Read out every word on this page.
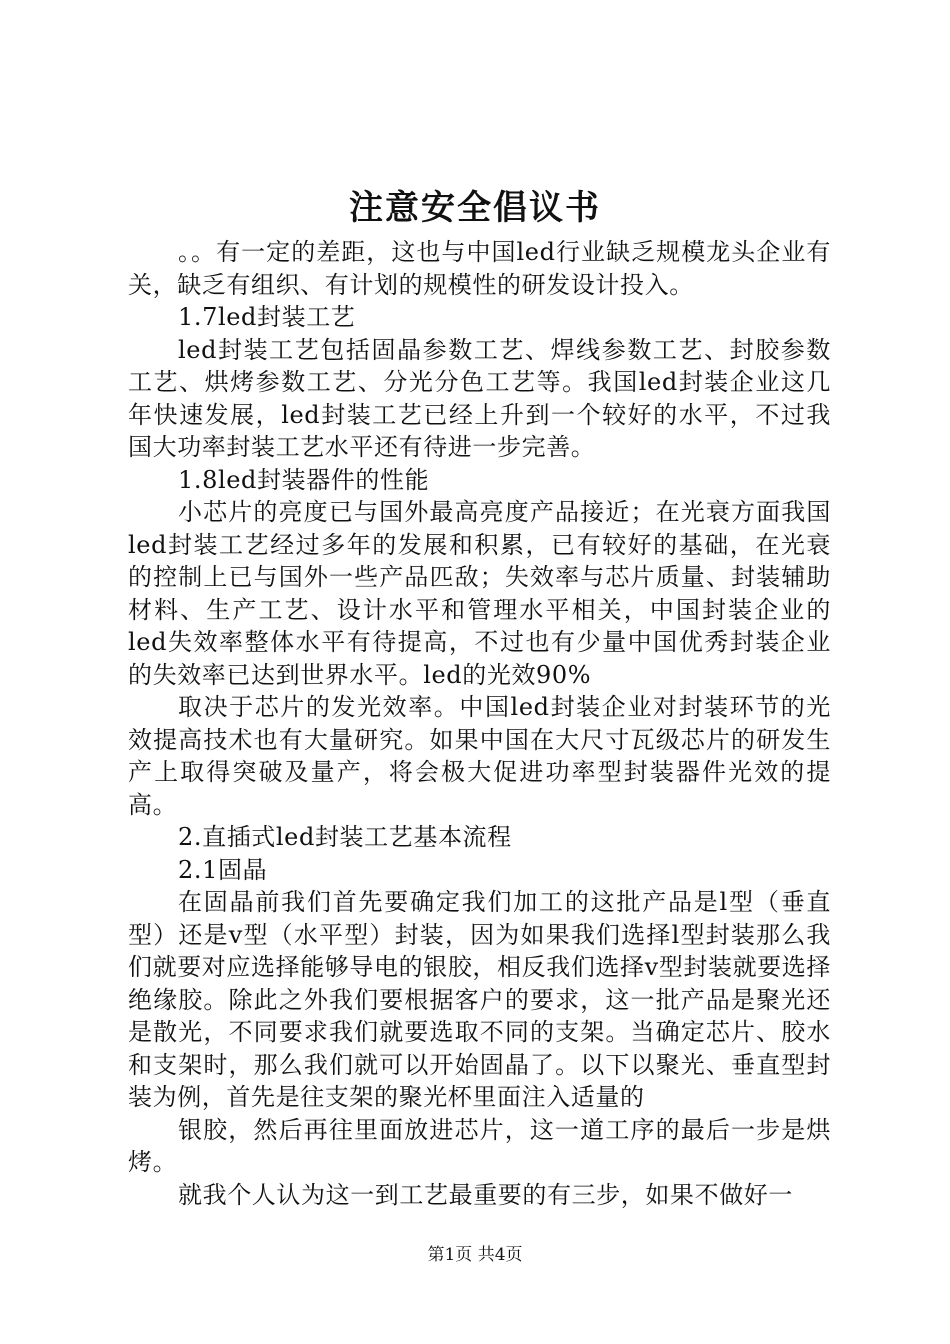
注意安全倡议书

。。有一定的差距，这也与中国led行业缺乏规模龙头企业有关，缺乏有组织、有计划的规模性的研发设计投入。

1.7led封装工艺

led封装工艺包括固晶参数工艺、焊线参数工艺、封胶参数工艺、烘烤参数工艺、分光分色工艺等。我国led封装企业这几年快速发展，led封装工艺已经上升到一个较好的水平，不过我国大功率封装工艺水平还有待进一步完善。

1.8led封装器件的性能

小芯片的亮度已与国外最高亮度产品接近；在光衰方面我国led封装工艺经过多年的发展和积累，已有较好的基础，在光衰的控制上已与国外一些产品匹敌；失效率与芯片质量、封装辅助材料、生产工艺、设计水平和管理水平相关，中国封装企业的led失效率整体水平有待提高，不过也有少量中国优秀封装企业的失效率已达到世界水平。led的光效90%

取决于芯片的发光效率。中国led封装企业对封装环节的光效提高技术也有大量研究。如果中国在大尺寸瓦级芯片的研发生产上取得突破及量产，将会极大促进功率型封装器件光效的提高。

2.直插式led封装工艺基本流程

2.1固晶

在固晶前我们首先要确定我们加工的这批产品是l型（垂直型）还是v型（水平型）封装，因为如果我们选择l型封装那么我们就要对应选择能够导电的银胶，相反我们选择v型封装就要选择绝缘胶。除此之外我们要根据客户的要求，这一批产品是聚光还是散光，不同要求我们就要选取不同的支架。当确定芯片、胶水和支架时，那么我们就可以开始固晶了。以下以聚光、垂直型封装为例，首先是往支架的聚光杯里面注入适量的

银胶，然后再往里面放进芯片，这一道工序的最后一步是烘烤。

就我个人认为这一到工艺最重要的有三步，如果不做好一

第1页 共4页
